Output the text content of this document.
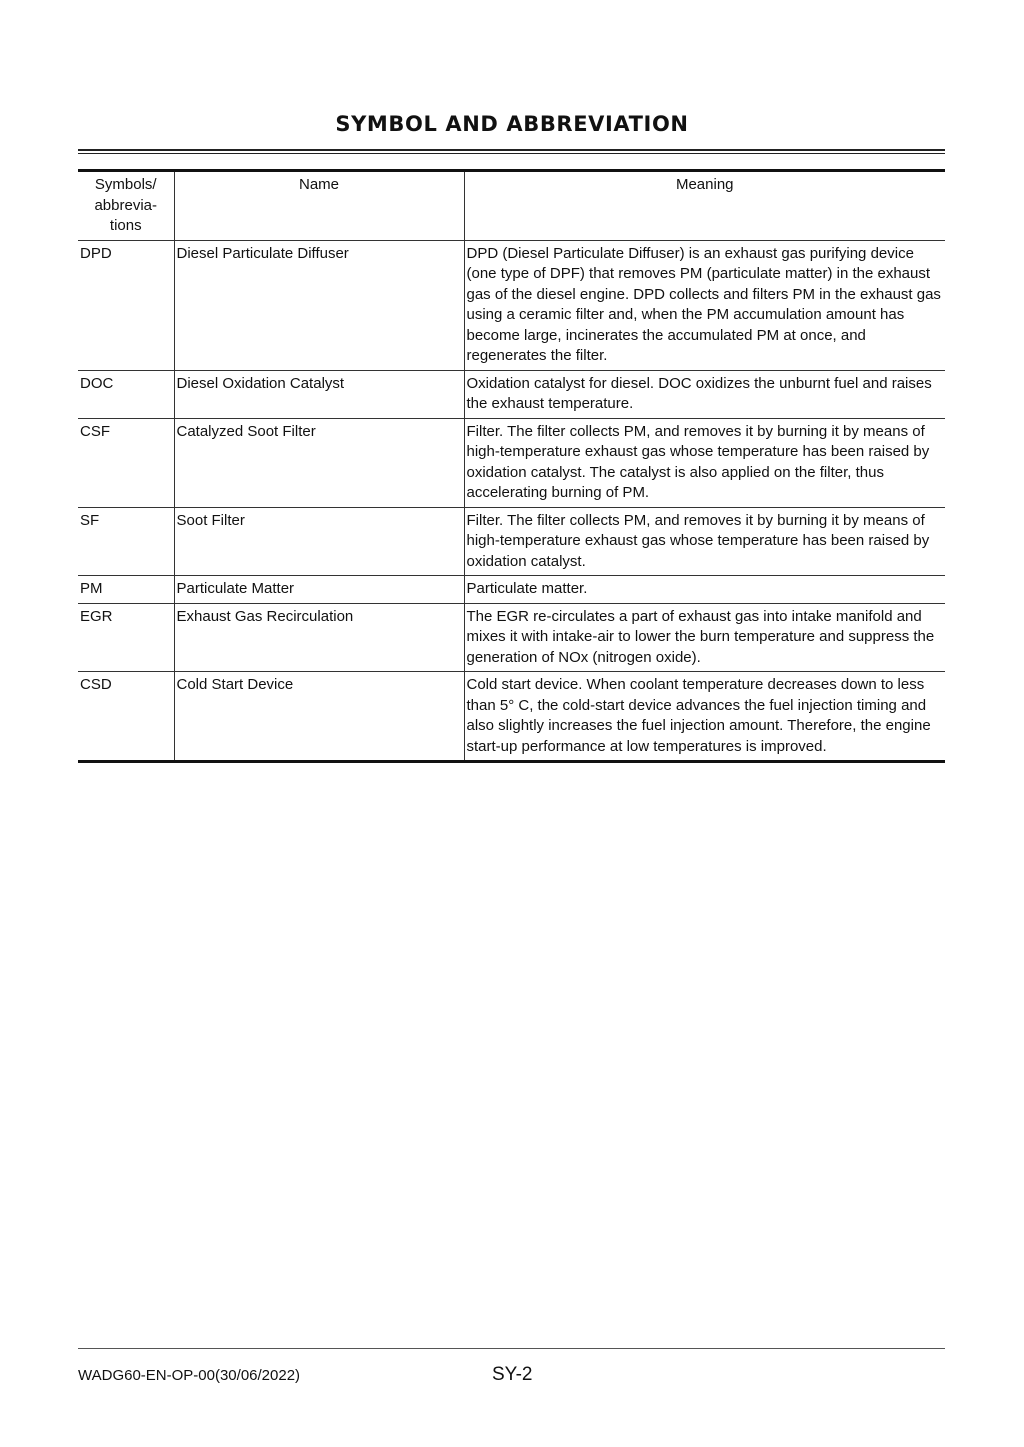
SYMBOL AND ABBREVIATION
Symbols/
abbrevia-
tions	Name	Meaning
DPD	Diesel Particulate Diffuser	DPD (Diesel Particulate Diffuser) is an exhaust gas purifying device (one type of DPF) that removes PM (particulate matter) in the exhaust gas of the diesel engine. DPD collects and filters PM in the exhaust gas using a ceramic filter and, when the PM accumulation amount has become large, incinerates the accumulated PM at once, and regenerates the filter.
DOC	Diesel Oxidation Catalyst	Oxidation catalyst for diesel. DOC oxidizes the unburnt fuel and raises the exhaust temperature.
CSF	Catalyzed Soot Filter	Filter. The filter collects PM, and removes it by burning it by means of high-temperature exhaust gas whose temperature has been raised by oxidation catalyst. The catalyst is also applied on the filter, thus accelerating burning of PM.
SF	Soot Filter	Filter. The filter collects PM, and removes it by burning it by means of high-temperature exhaust gas whose temperature has been raised by oxidation catalyst.
PM	Particulate Matter	Particulate matter.
EGR	Exhaust Gas Recirculation	The EGR re-circulates a part of exhaust gas into intake manifold and mixes it with intake-air to lower the burn temperature and suppress the generation of NOx (nitrogen oxide).
CSD	Cold Start Device	Cold start device. When coolant temperature decreases down to less than 5° C, the cold-start device advances the fuel injection timing and also slightly increases the fuel injection amount. Therefore, the engine start-up performance at low temperatures is improved.
WADG60-EN-OP-00(30/06/2022)	SY-2
